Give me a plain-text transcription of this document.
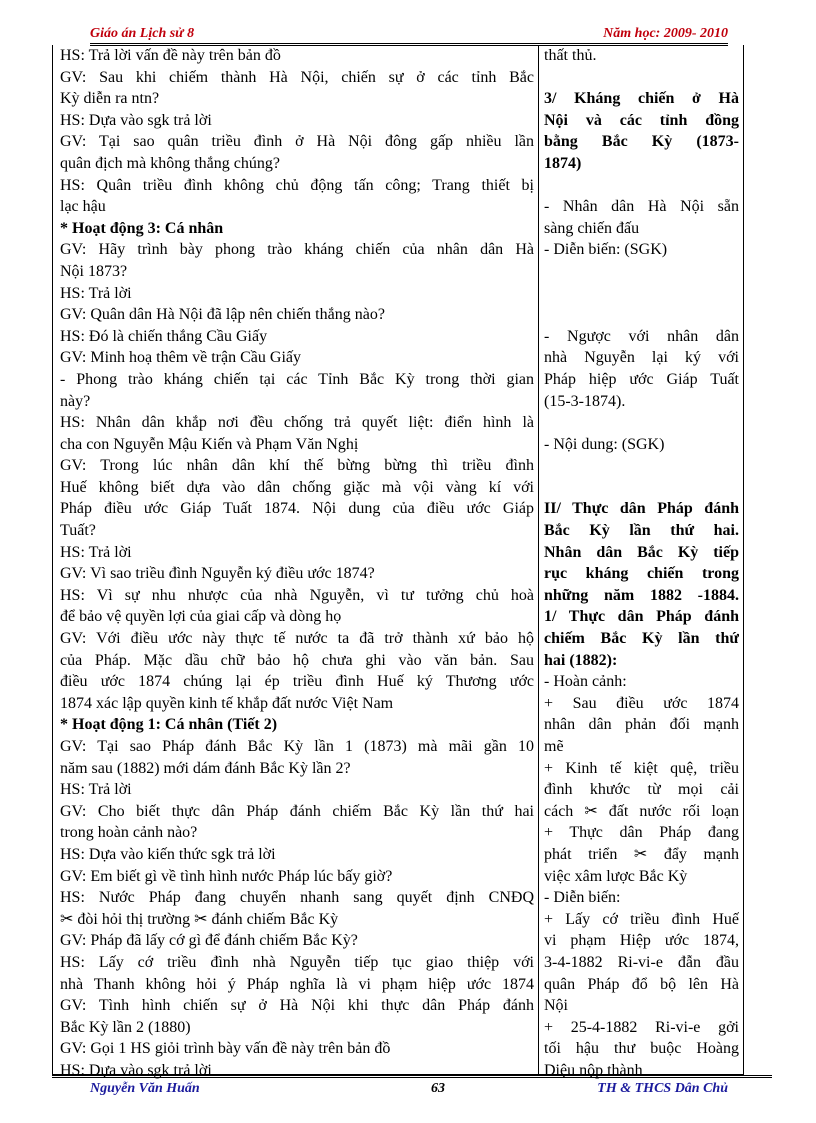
Giáo án Lịch sử 8	Năm học: 2009- 2010
HS: Trả lời vấn đề này trên bản đồ
GV: Sau khi chiếm thành Hà Nội, chiến sự ở các tỉnh Bắc
Kỳ diễn ra ntn?
HS: Dựa vào sgk trả lời
GV: Tại sao quân triều đình ở Hà Nội đông gấp nhiều lần
quân địch mà không thắng chúng?
HS: Quân triều đình không chủ động tấn công; Trang thiết bị
lạc hậu
* Hoạt động 3: Cá nhân
GV: Hãy trình bày phong trào kháng chiến của nhân dân Hà
Nội 1873?
HS: Trả lời
GV: Quân dân Hà Nội đã lập nên chiến thắng nào?
HS: Đó là chiến thắng Cầu Giấy
GV: Minh hoạ thêm về trận Cầu Giấy
- Phong trào kháng chiến tại các Tỉnh Bắc Kỳ trong thời gian
này?
HS: Nhân dân khắp nơi đều chống trả quyết liệt: điển hình là
cha con Nguyễn Mậu Kiến và Phạm Văn Nghị
GV: Trong lúc nhân dân khí thế bừng bừng thì triều đình
Huế không biết dựa vào dân chống giặc mà vội vàng kí với
Pháp điều ước Giáp Tuất 1874. Nội dung của điều ước Giáp
Tuất?
HS: Trả lời
GV: Vì sao triều đình Nguyễn ký điều ước 1874?
HS: Vì sự nhu nhược của nhà Nguyễn, vì tư tưởng chủ hoà
để bảo vệ quyền lợi của giai cấp và dòng họ
GV: Với điều ước này thực tế nước ta đã trở thành xứ bảo hộ
của Pháp. Mặc dầu chữ bảo hộ chưa ghi vào văn bản. Sau
điều ước 1874 chúng lại ép triều đình Huế ký Thương ước
1874 xác lập quyền kinh tế khắp đất nước Việt Nam
* Hoạt động 1: Cá nhân (Tiết 2)
GV: Tại sao Pháp đánh Bắc Kỳ lần 1 (1873) mà mãi gần 10
năm sau (1882) mới dám đánh Bắc Kỳ lần 2?
HS: Trả lời
GV: Cho biết thực dân Pháp đánh chiếm Bắc Kỳ lần thứ hai
trong hoàn cảnh nào?
HS: Dựa vào kiến thức sgk trả lời
GV: Em biết gì về tình hình nước Pháp lúc bấy giờ?
HS: Nước Pháp đang chuyển nhanh sang quyết định CNĐQ
✂ đòi hỏi thị trường ✂ đánh chiếm Bắc Kỳ
GV: Pháp đã lấy cớ gì để đánh chiếm Bắc Kỳ?
HS: Lấy cớ triều đình nhà Nguyễn tiếp tục giao thiệp với
nhà Thanh không hỏi ý Pháp nghĩa là vi phạm hiệp ước 1874
GV: Tình hình chiến sự ở Hà Nội khi thực dân Pháp đánh
Bắc Kỳ lần 2 (1880)
GV: Gọi 1 HS giỏi trình bày vấn đề này trên bản đồ
HS: Dựa vào sgk trả lời
thất thủ.
3/ Kháng chiến ở Hà
Nội và các tỉnh đồng
bằng Bắc Kỳ (1873-
1874)
- Nhân dân Hà Nội sẵn
sàng chiến đấu
- Diễn biến: (SGK)
- Ngược với nhân dân
nhà Nguyễn lại ký với
Pháp hiệp ước Giáp Tuất
(15-3-1874).
- Nội dung: (SGK)
II/ Thực dân Pháp đánh
Bắc Kỳ lần thứ hai.
Nhân dân Bắc Kỳ tiếp
rục kháng chiến trong
những năm 1882 -1884.
1/ Thực dân Pháp đánh
chiếm Bắc Kỳ lần thứ
hai (1882):
- Hoàn cảnh:
+ Sau điều ước 1874
nhân dân phản đối mạnh
mẽ
+ Kinh tế kiệt quệ, triều
đình khước từ mọi cải
cách ✂ đất nước rối loạn
+ Thực dân Pháp đang
phát triển ✂ đẩy mạnh
việc xâm lược Bắc Kỳ
- Diễn biến:
+ Lấy cớ triều đình Huế
vi phạm Hiệp ước 1874,
3-4-1882 Ri-vi-e đẫn đầu
quân Pháp đổ bộ lên Hà
Nội
+ 25-4-1882 Ri-vi-e gởi
tối hậu thư buộc Hoàng
Diệu nộp thành
Nguyễn Văn Huấn	63	TH & THCS Dân Chủ
